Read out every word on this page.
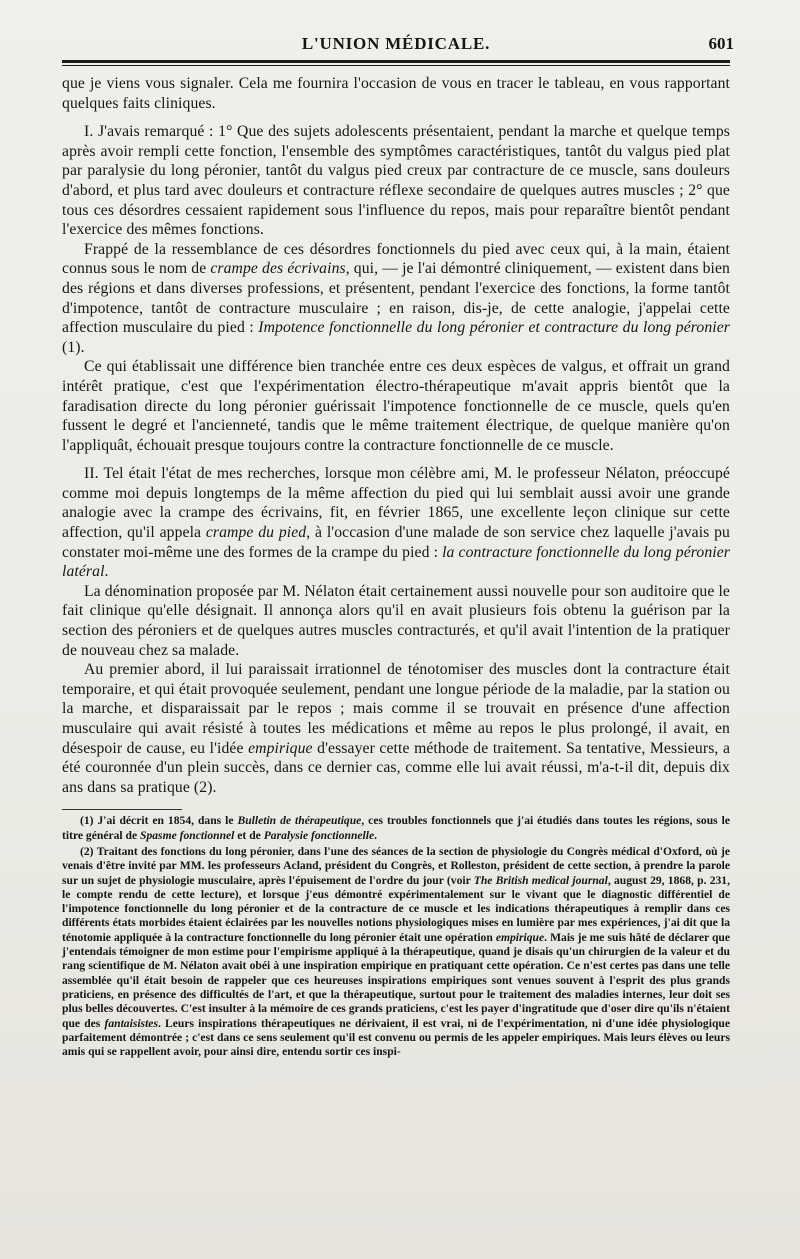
L'UNION MÉDICALE.	601

que je viens vous signaler. Cela me fournira l'occasion de vous en tracer le tableau, en vous rapportant quelques faits cliniques.

I. J'avais remarqué : 1° Que des sujets adolescents présentaient, pendant la marche et quelque temps après avoir rempli cette fonction, l'ensemble des symptômes caractéristiques, tantôt du valgus pied plat par paralysie du long péronier, tantôt du valgus pied creux par contracture de ce muscle, sans douleurs d'abord, et plus tard avec douleurs et contracture réflexe secondaire de quelques autres muscles ; 2° que tous ces désordres cessaient rapidement sous l'influence du repos, mais pour reparaître bientôt pendant l'exercice des mêmes fonctions.

Frappé de la ressemblance de ces désordres fonctionnels du pied avec ceux qui, à la main, étaient connus sous le nom de crampe des écrivains, qui, — je l'ai démontré cliniquement, — existent dans bien des régions et dans diverses professions, et présentent, pendant l'exercice des fonctions, la forme tantôt d'impotence, tantôt de contracture musculaire ; en raison, dis-je, de cette analogie, j'appelai cette affection musculaire du pied : Impotence fonctionnelle du long péronier et contracture du long péronier (1).

Ce qui établissait une différence bien tranchée entre ces deux espèces de valgus, et offrait un grand intérêt pratique, c'est que l'expérimentation électro-thérapeutique m'avait appris bientôt que la faradisation directe du long péronier guérissait l'impotence fonctionnelle de ce muscle, quels qu'en fussent le degré et l'ancienneté, tandis que le même traitement électrique, de quelque manière qu'on l'appliquât, échouait presque toujours contre la contracture fonctionnelle de ce muscle.

II. Tel était l'état de mes recherches, lorsque mon célèbre ami, M. le professeur Nélaton, préoccupé comme moi depuis longtemps de la même affection du pied qui lui semblait aussi avoir une grande analogie avec la crampe des écrivains, fit, en février 1865, une excellente leçon clinique sur cette affection, qu'il appela crampe du pied, à l'occasion d'une malade de son service chez laquelle j'avais pu constater moi-même une des formes de la crampe du pied : la contracture fonctionnelle du long péronier latéral.

La dénomination proposée par M. Nélaton était certainement aussi nouvelle pour son auditoire que le fait clinique qu'elle désignait. Il annonça alors qu'il en avait plusieurs fois obtenu la guérison par la section des péroniers et de quelques autres muscles contracturés, et qu'il avait l'intention de la pratiquer de nouveau chez sa malade.

Au premier abord, il lui paraissait irrationnel de ténotomiser des muscles dont la contracture était temporaire, et qui était provoquée seulement, pendant une longue période de la maladie, par la station ou la marche, et disparaissait par le repos ; mais comme il se trouvait en présence d'une affection musculaire qui avait résisté à toutes les médications et même au repos le plus prolongé, il avait, en désespoir de cause, eu l'idée empirique d'essayer cette méthode de traitement. Sa tentative, Messieurs, a été couronnée d'un plein succès, dans ce dernier cas, comme elle lui avait réussi, m'a-t-il dit, depuis dix ans dans sa pratique (2).

(1) J'ai décrit en 1854, dans le Bulletin de thérapeutique, ces troubles fonctionnels que j'ai étudiés dans toutes les régions, sous le titre général de Spasme fonctionnel et de Paralysie fonctionnelle.

(2) Traitant des fonctions du long péronier, dans l'une des séances de la section de physiologie du Congrès médical d'Oxford, où je venais d'être invité par MM. les professeurs Acland, président du Congrès, et Rolleston, président de cette section, à prendre la parole sur un sujet de physiologie musculaire, après l'épuisement de l'ordre du jour (voir The British medical journal, august 29, 1868, p. 231, le compte rendu de cette lecture), et lorsque j'eus démontré expérimentalement sur le vivant que le diagnostic différentiel de l'impotence fonctionnelle du long péronier et de la contracture de ce muscle et les indications thérapeutiques à remplir dans ces différents états morbides étaient éclairées par les nouvelles notions physiologiques mises en lumière par mes expériences, j'ai dit que la ténotomie appliquée à la contracture fonctionnelle du long péronier était une opération empirique. Mais je me suis hâté de déclarer que j'entendais témoigner de mon estime pour l'empirisme appliqué à la thérapeutique, quand je disais qu'un chirurgien de la valeur et du rang scientifique de M. Nélaton avait obéi à une inspiration empirique en pratiquant cette opération. Ce n'est certes pas dans une telle assemblée qu'il était besoin de rappeler que ces heureuses inspirations empiriques sont venues souvent à l'esprit des plus grands praticiens, en présence des difficultés de l'art, et que la thérapeutique, surtout pour le traitement des maladies internes, leur doit ses plus belles découvertes. C'est insulter à la mémoire de ces grands praticiens, c'est les payer d'ingratitude que d'oser dire qu'ils n'étaient que des fantaisistes. Leurs inspirations thérapeutiques ne dérivaient, il est vrai, ni de l'expérimentation, ni d'une idée physiologique parfaitement démontrée ; c'est dans ce sens seulement qu'il est convenu ou permis de les appeler empiriques. Mais leurs élèves ou leurs amis qui se rappellent avoir, pour ainsi dire, entendu sortir ces inspi-
